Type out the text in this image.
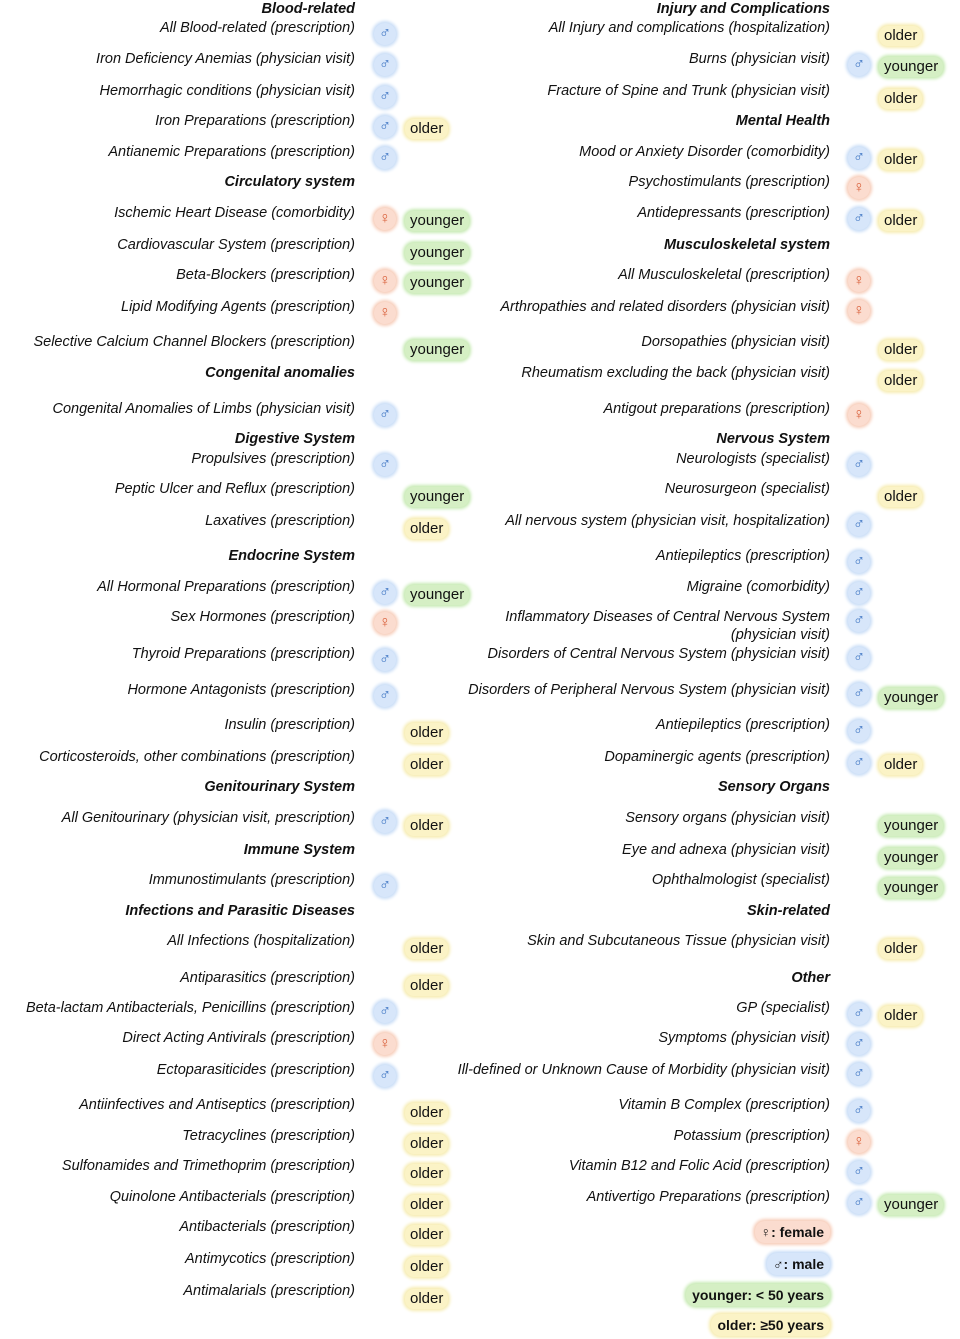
Blood-related
All Blood-related (prescription)	♂
Iron Deficiency Anemias (physician visit)	♂
Hemorrhagic conditions (physician visit)	♂
Iron Preparations (prescription)	♂	older
Antianemic Preparations (prescription)	♂
Circulatory system
Ischemic Heart Disease (comorbidity)	♀	younger
Cardiovascular System (prescription)	younger
Beta-Blockers (prescription)	♀	younger
Lipid Modifying Agents (prescription)	♀
Selective Calcium Channel Blockers (prescription)	younger
Congenital anomalies
Congenital Anomalies of Limbs (physician visit)	♂
Digestive System
Propulsives (prescription)	♂
Peptic Ulcer and Reflux (prescription)	younger
Laxatives (prescription)	older
Endocrine System
All Hormonal Preparations (prescription)	♂	younger
Sex Hormones (prescription)	♀
Thyroid Preparations (prescription)	♂
Hormone Antagonists (prescription)	♂
Insulin (prescription)	older
Corticosteroids, other combinations (prescription)	older
Genitourinary System
All Genitourinary (physician visit, prescription)	♂	older
Immune System
Immunostimulants (prescription)	♂
Infections and Parasitic Diseases
All Infections (hospitalization)	older
Antiparasitics (prescription)	older
Beta-lactam Antibacterials, Penicillins (prescription)	♂
Direct Acting Antivirals (prescription)	♀
Ectoparasiticides (prescription)	♂
Antiinfectives and Antiseptics (prescription)	older
Tetracyclines (prescription)	older
Sulfonamides and Trimethoprim (prescription)	older
Quinolone Antibacterials (prescription)	older
Antibacterials (prescription)	older
Antimycotics (prescription)	older
Antimalarials (prescription)	older
Injury and Complications
All Injury and complications (hospitalization)	older
Burns (physician visit)	♂	younger
Fracture of Spine and Trunk (physician visit)	older
Mental Health
Mood or Anxiety Disorder (comorbidity)	♂	older
Psychostimulants (prescription)	♀
Antidepressants (prescription)	♂	older
Musculoskeletal system
All Musculoskeletal (prescription)	♀
Arthropathies and related disorders (physician visit)	♀
Dorsopathies (physician visit)	older
Rheumatism excluding the back (physician visit)	older
Antigout preparations (prescription)	♀
Nervous System
Neurologists (specialist)	♂
Neurosurgeon (specialist)	older
All nervous system (physician visit, hospitalization)	♂
Antiepileptics (prescription)	♂
Migraine (comorbidity)	♂
Inflammatory Diseases of Central Nervous System (physician visit)
♂
Disorders of Central Nervous System (physician visit)	♂
Disorders of Peripheral Nervous System (physician visit)	♂	younger
Antiepileptics (prescription)	♂
Dopaminergic agents (prescription)	♂	older
Sensory Organs
Sensory organs (physician visit)	younger
Eye and adnexa (physician visit)	younger
Ophthalmologist (specialist)	younger
Skin-related
Skin and Subcutaneous Tissue (physician visit)	older
Other
GP (specialist)	♂	older
Symptoms (physician visit)	♂
Ill-defined or Unknown Cause of Morbidity (physician visit)	♂
Vitamin B Complex (prescription)	♂
Potassium (prescription)	♀
Vitamin B12 and Folic Acid (prescription)	♂
Antivertigo Preparations (prescription)	♂	younger
♀: female
♂: male
younger: < 50 years
older: ≥50 years
